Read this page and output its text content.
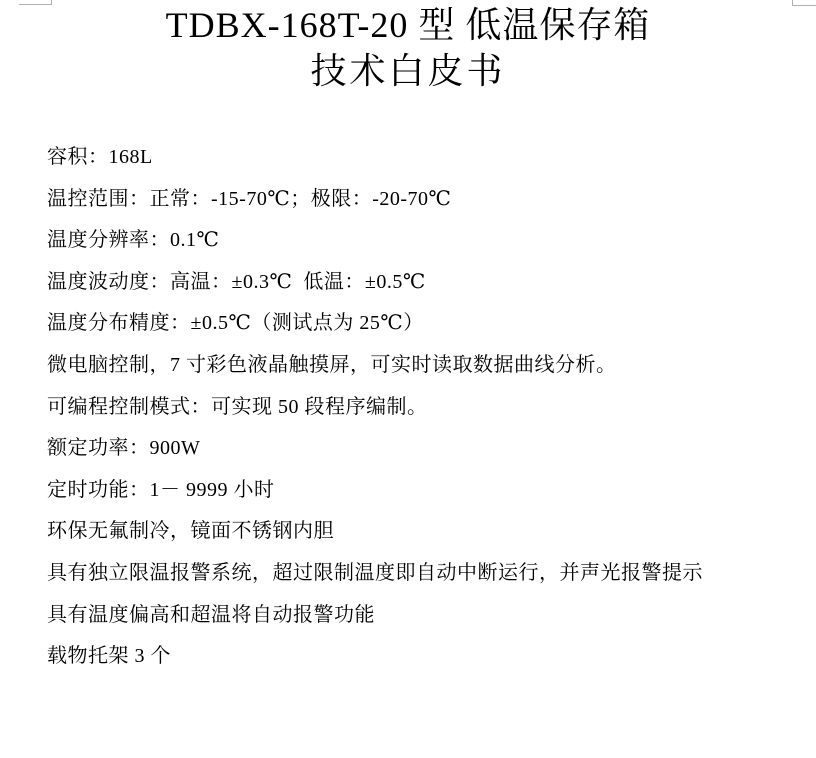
TDBX-168T-20 型 低温保存箱
技术白皮书

容积：168L

温控范围：正常：-15-70℃；极限：-20-70℃

温度分辨率：0.1℃

温度波动度：高温：±0.3℃  低温：±0.5℃

温度分布精度：±0.5℃（测试点为 25℃）

微电脑控制，7 寸彩色液晶触摸屏，可实时读取数据曲线分析。

可编程控制模式：可实现 50 段程序编制。

额定功率：900W

定时功能：1－ 9999 小时

环保无氟制冷，镜面不锈钢内胆

具有独立限温报警系统，超过限制温度即自动中断运行，并声光报警提示

具有温度偏高和超温将自动报警功能

载物托架 3 个
